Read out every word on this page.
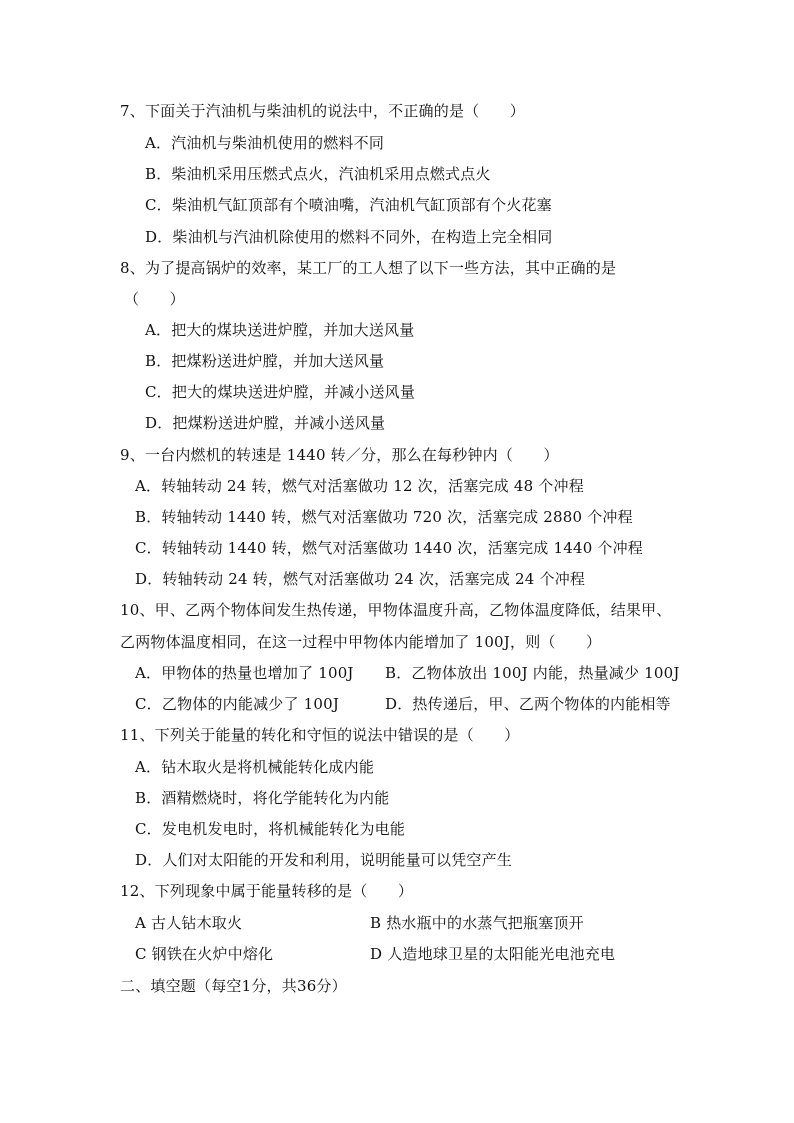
7、下面关于汽油机与柴油机的说法中，不正确的是（　　）
A．汽油机与柴油机使用的燃料不同
B．柴油机采用压燃式点火，汽油机采用点燃式点火
C．柴油机气缸顶部有个喷油嘴，汽油机气缸顶部有个火花塞
D．柴油机与汽油机除使用的燃料不同外，在构造上完全相同
8、为了提高锅炉的效率，某工厂的工人想了以下一些方法，其中正确的是
（　　）
A．把大的煤块送进炉膛，并加大送风量
B．把煤粉送进炉膛，并加大送风量
C．把大的煤块送进炉膛，并减小送风量
D．把煤粉送进炉膛，并减小送风量
9、一台内燃机的转速是 1440 转／分，那么在每秒钟内（　　）
A．转轴转动 24 转，燃气对活塞做功 12 次，活塞完成 48 个冲程
B．转轴转动 1440 转，燃气对活塞做功 720 次，活塞完成 2880 个冲程
C．转轴转动 1440 转，燃气对活塞做功 1440 次，活塞完成 1440 个冲程
D．转轴转动 24 转，燃气对活塞做功 24 次，活塞完成 24 个冲程
10、甲、乙两个物体间发生热传递，甲物体温度升高，乙物体温度降低，结果甲、
乙两物体温度相同，在这一过程中甲物体内能增加了 100J，则（　　）
A．甲物体的热量也增加了 100J B．乙物体放出 100J 内能，热量减少 100J
C．乙物体的内能减少了 100J	D．热传递后，甲、乙两个物体的内能相等
11、下列关于能量的转化和守恒的说法中错误的是（　　）
A．钻木取火是将机械能转化成内能
B．酒精燃烧时，将化学能转化为内能
C．发电机发电时，将机械能转化为电能
D．人们对太阳能的开发和利用，说明能量可以凭空产生
12、下列现象中属于能量转移的是（　　）
A 古人钻木取火	B 热水瓶中的水蒸气把瓶塞顶开
C 钢铁在火炉中熔化	D 人造地球卫星的太阳能光电池充电
二、填空题（每空1分，共36分）
